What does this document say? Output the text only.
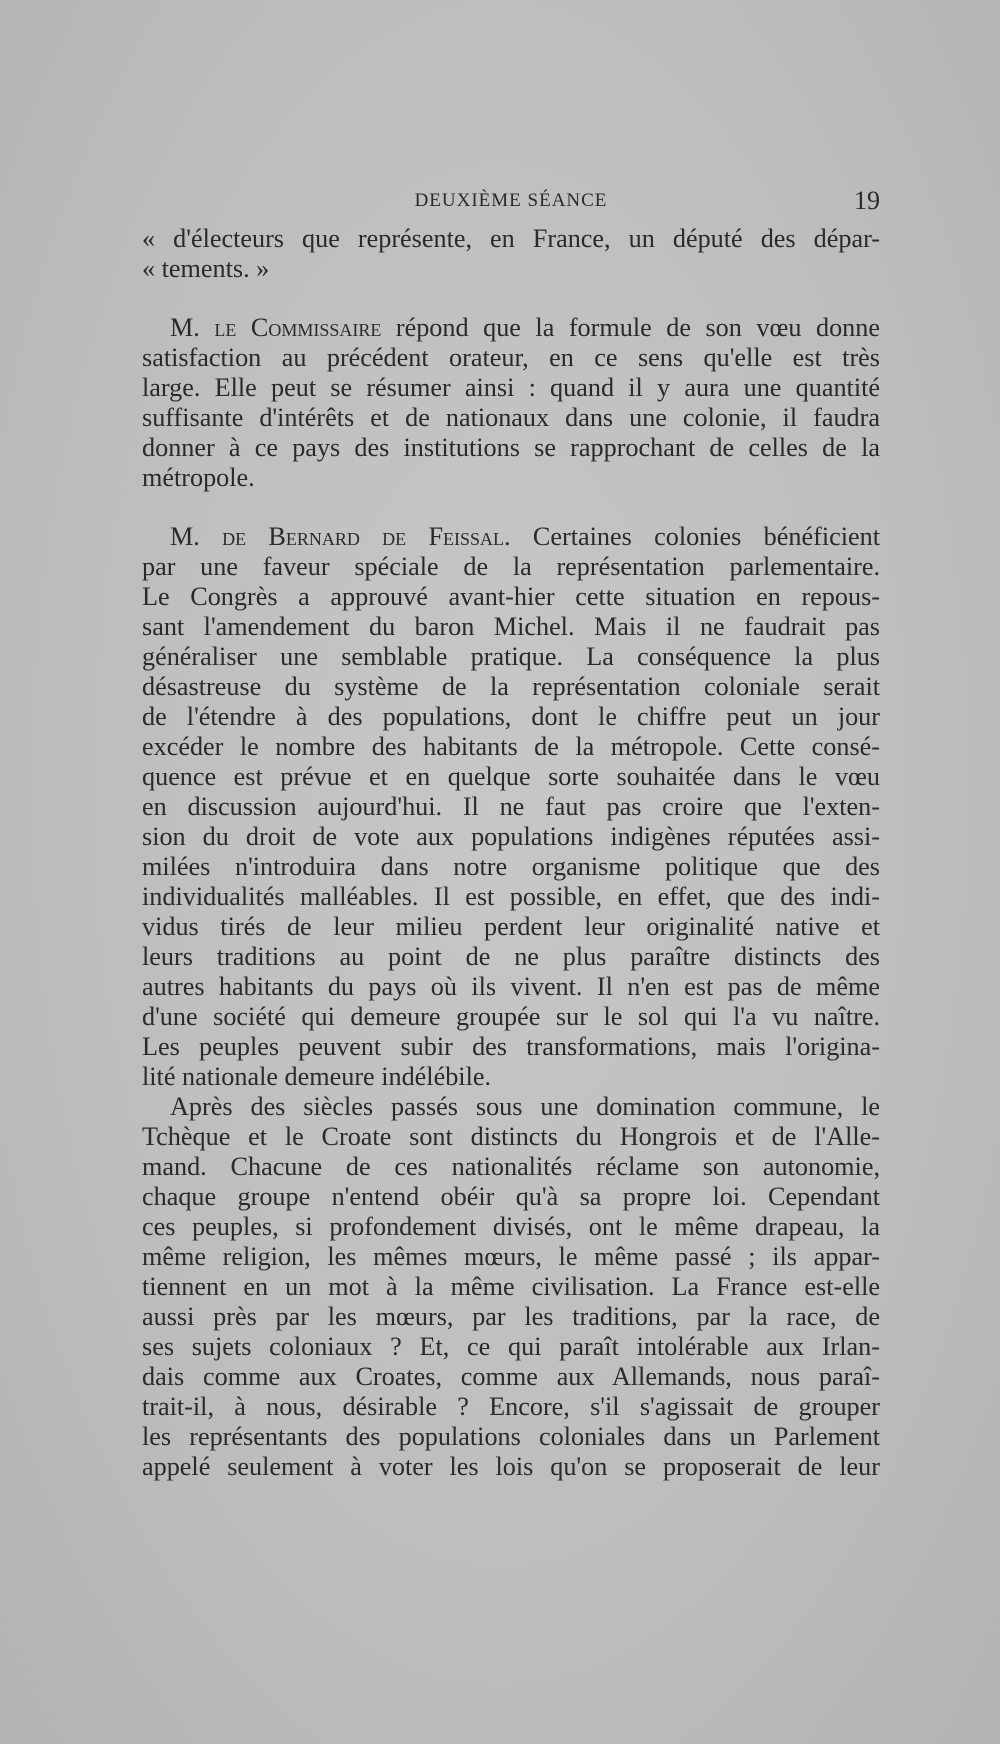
DEUXIÈME SÉANCE	19
« d'électeurs que représente, en France, un député des dépar-
« tements. »
M. le Commissaire répond que la formule de son vœu donne
satisfaction au précédent orateur, en ce sens qu'elle est très
large. Elle peut se résumer ainsi : quand il y aura une quantité
suffisante d'intérêts et de nationaux dans une colonie, il faudra
donner à ce pays des institutions se rapprochant de celles de la
métropole.
M. de Bernard de Feissal. Certaines colonies bénéficient
par une faveur spéciale de la représentation parlementaire.
Le Congrès a approuvé avant-hier cette situation en repous-
sant l'amendement du baron Michel. Mais il ne faudrait pas
généraliser une semblable pratique. La conséquence la plus
désastreuse du système de la représentation coloniale serait
de l'étendre à des populations, dont le chiffre peut un jour
excéder le nombre des habitants de la métropole. Cette consé-
quence est prévue et en quelque sorte souhaitée dans le vœu
en discussion aujourd'hui. Il ne faut pas croire que l'exten-
sion du droit de vote aux populations indigènes réputées assi-
milées n'introduira dans notre organisme politique que des
individualités malléables. Il est possible, en effet, que des indi-
vidus tirés de leur milieu perdent leur originalité native et
leurs traditions au point de ne plus paraître distincts des
autres habitants du pays où ils vivent. Il n'en est pas de même
d'une société qui demeure groupée sur le sol qui l'a vu naître.
Les peuples peuvent subir des transformations, mais l'origina-
lité nationale demeure indélébile.
Après des siècles passés sous une domination commune, le
Tchèque et le Croate sont distincts du Hongrois et de l'Alle-
mand. Chacune de ces nationalités réclame son autonomie,
chaque groupe n'entend obéir qu'à sa propre loi. Cependant
ces peuples, si profondement divisés, ont le même drapeau, la
même religion, les mêmes mœurs, le même passé ; ils appar-
tiennent en un mot à la même civilisation. La France est-elle
aussi près par les mœurs, par les traditions, par la race, de
ses sujets coloniaux ? Et, ce qui paraît intolérable aux Irlan-
dais comme aux Croates, comme aux Allemands, nous paraî-
trait-il, à nous, désirable ? Encore, s'il s'agissait de grouper
les représentants des populations coloniales dans un Parlement
appelé seulement à voter les lois qu'on se proposerait de leur
